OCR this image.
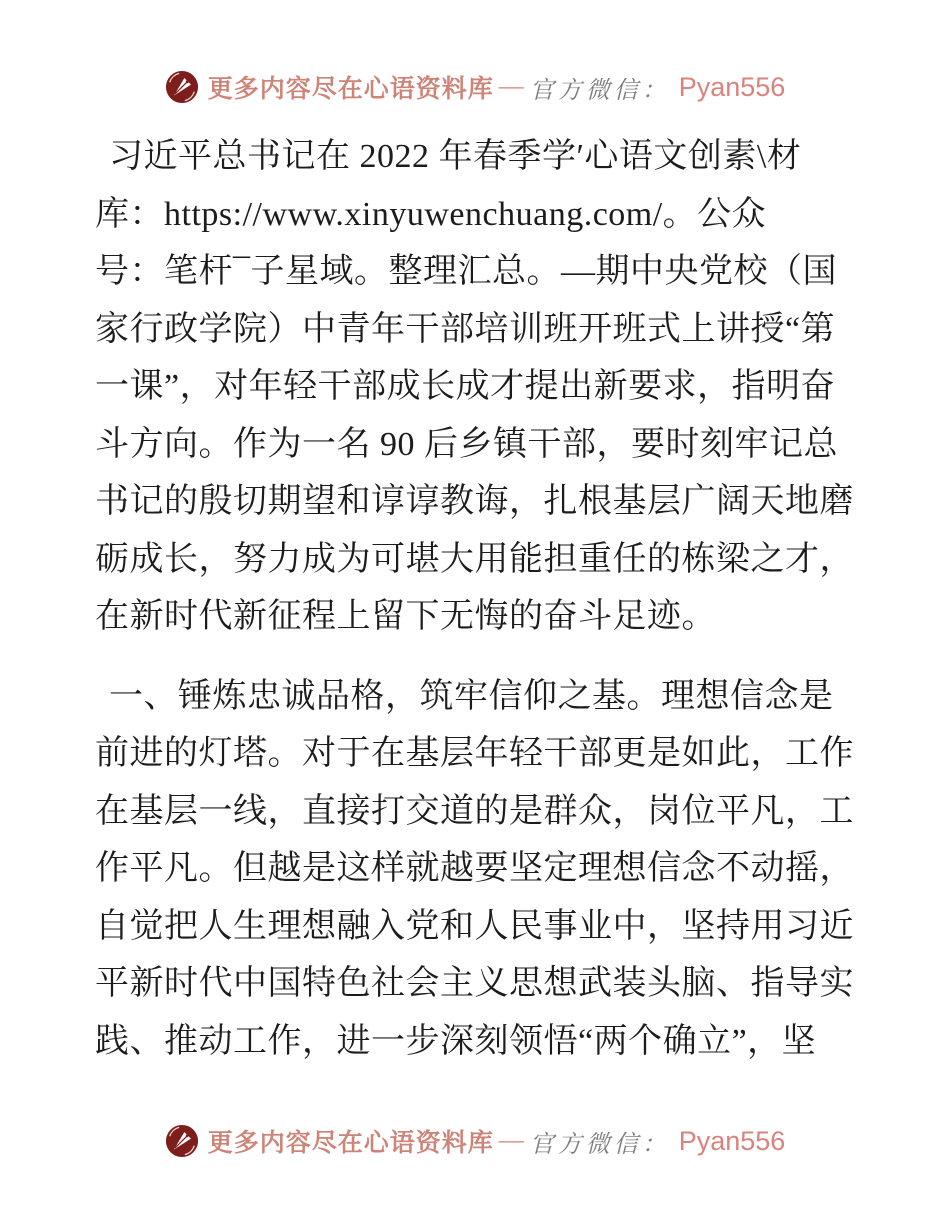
更多内容尽在心语资料库 — 官方微信： Pyan556
习近平总书记在 2022 年春季学′心语文创素\材
库：https://www.xinyuwenchuang.com/。公众
号：笔杆¯子星域。整理汇总。—期中央党校（国
家行政学院）中青年干部培训班开班式上讲授“第
一课”，对年轻干部成长成才提出新要求，指明奋
斗方向。作为一名 90 后乡镇干部，要时刻牢记总
书记的殷切期望和谆谆教诲，扎根基层广阔天地磨
砺成长，努力成为可堪大用能担重任的栋梁之才，
在新时代新征程上留下无悔的奋斗足迹。
一、锤炼忠诚品格，筑牢信仰之基。理想信念是
前进的灯塔。对于在基层年轻干部更是如此，工作
在基层一线，直接打交道的是群众，岗位平凡，工
作平凡。但越是这样就越要坚定理想信念不动摇，
自觉把人生理想融入党和人民事业中，坚持用习近
平新时代中国特色社会主义思想武装头脑、指导实
践、推动工作，进一步深刻领悟“两个确立”，坚
更多内容尽在心语资料库 — 官方微信： Pyan556
